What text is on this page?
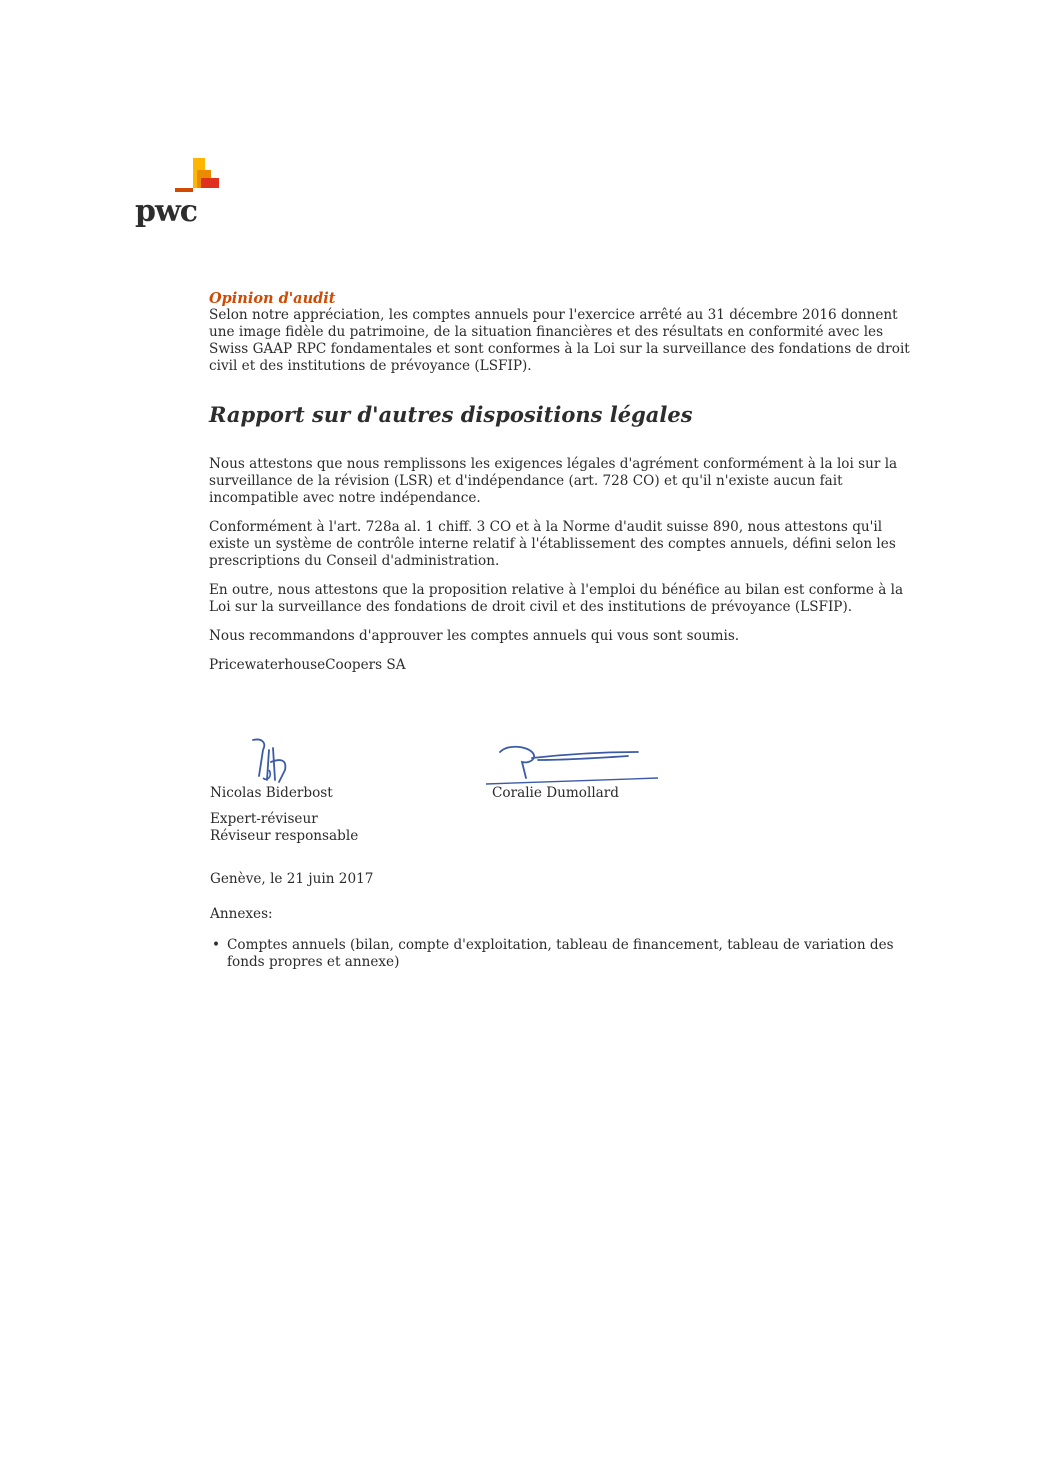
pwc
Opinion d'audit

Selon notre appréciation, les comptes annuels pour l'exercice arrêté au 31 décembre 2016 donnent une image fidèle du patrimoine, de la situation financières et des résultats en conformité avec les Swiss GAAP RPC fondamentales et sont conformes à la Loi sur la surveillance des fondations de droit civil et des institutions de prévoyance (LSFIP).

Rapport sur d'autres dispositions légales

Nous attestons que nous remplissons les exigences légales d'agrément conformément à la loi sur la surveillance de la révision (LSR) et d'indépendance (art. 728 CO) et qu'il n'existe aucun fait incompatible avec notre indépendance.

Conformément à l'art. 728a al. 1 chiff. 3 CO et à la Norme d'audit suisse 890, nous attestons qu'il existe un système de contrôle interne relatif à l'établissement des comptes annuels, défini selon les prescriptions du Conseil d'administration.

En outre, nous attestons que la proposition relative à l'emploi du bénéfice au bilan est conforme à la Loi sur la surveillance des fondations de droit civil et des institutions de prévoyance (LSFIP).

Nous recommandons d'approuver les comptes annuels qui vous sont soumis.

PricewaterhouseCoopers SA

Nicolas Biderbost	Coralie Dumollard
Expert-réviseur
Réviseur responsable
Genève, le 21 juin 2017
Annexes:
• Comptes annuels (bilan, compte d'exploitation, tableau de financement, tableau de variation des fonds propres et annexe)
